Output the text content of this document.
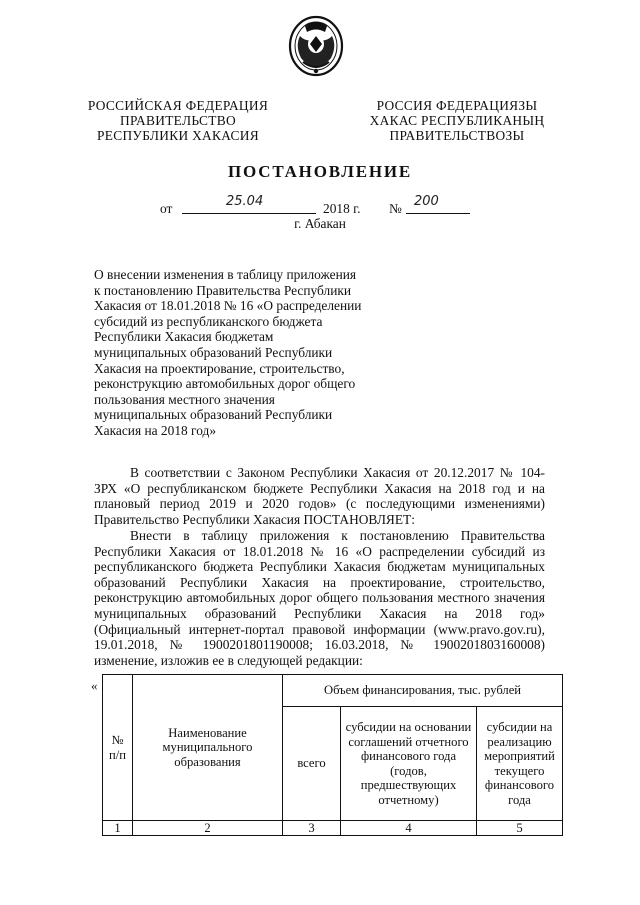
РОССИЙСКАЯ ФЕДЕРАЦИЯ
ПРАВИТЕЛЬСТВО
РЕСПУБЛИКИ ХАКАСИЯ
РОССИЯ ФЕДЕРАЦИЯЗЫ
ХАКАС РЕСПУБЛИКАНЫҢ
ПРАВИТЕЛЬСТВОЗЫ
ПОСТАНОВЛЕНИЕ
от	25.04	2018 г. № 200
г. Абакан

О внесении изменения в таблицу приложения

к постановлению Правительства Республики

Хакасия от 18.01.2018 № 16 «О распределении

субсидий из республиканского бюджета

Республики Хакасия бюджетам

муниципальных образований Республики

Хакасия на проектирование, строительство,

реконструкцию автомобильных дорог общего

пользования местного значения

муниципальных образований Республики

Хакасия на 2018 год»

В соответствии с Законом Республики Хакасия от 20.12.2017 № 104-ЗРХ «О республиканском бюджете Республики Хакасия на 2018 год и на плановый период 2019 и 2020 годов» (с последующими изменениями) Правительство Республики Хакасия ПОСТАНОВЛЯЕТ:

Внести в таблицу приложения к постановлению Правительства Республики Хакасия от 18.01.2018 № 16 «О распределении субсидий из республиканского бюджета Республики Хакасия бюджетам муниципальных образований Республики Хакасия на проектирование, строительство, реконструкцию автомобильных дорог общего пользования местного значения муниципальных образований Республики Хакасия на 2018 год» (Официальный интернет-портал правовой информации (www.pravo.gov.ru), 19.01.2018, № 1900201801190008; 16.03.2018, № 1900201803160008) изменение, изложив ее в следующей редакции:

«
№ п/п	Наименование муниципального образования	Объем финансирования, тыс. рублей		
		всего	субсидии на основании соглашений отчетного финансового года (годов, предшествующих отчетному)	субсидии на реализацию мероприятий текущего финансового года
1	2	3	4	5
